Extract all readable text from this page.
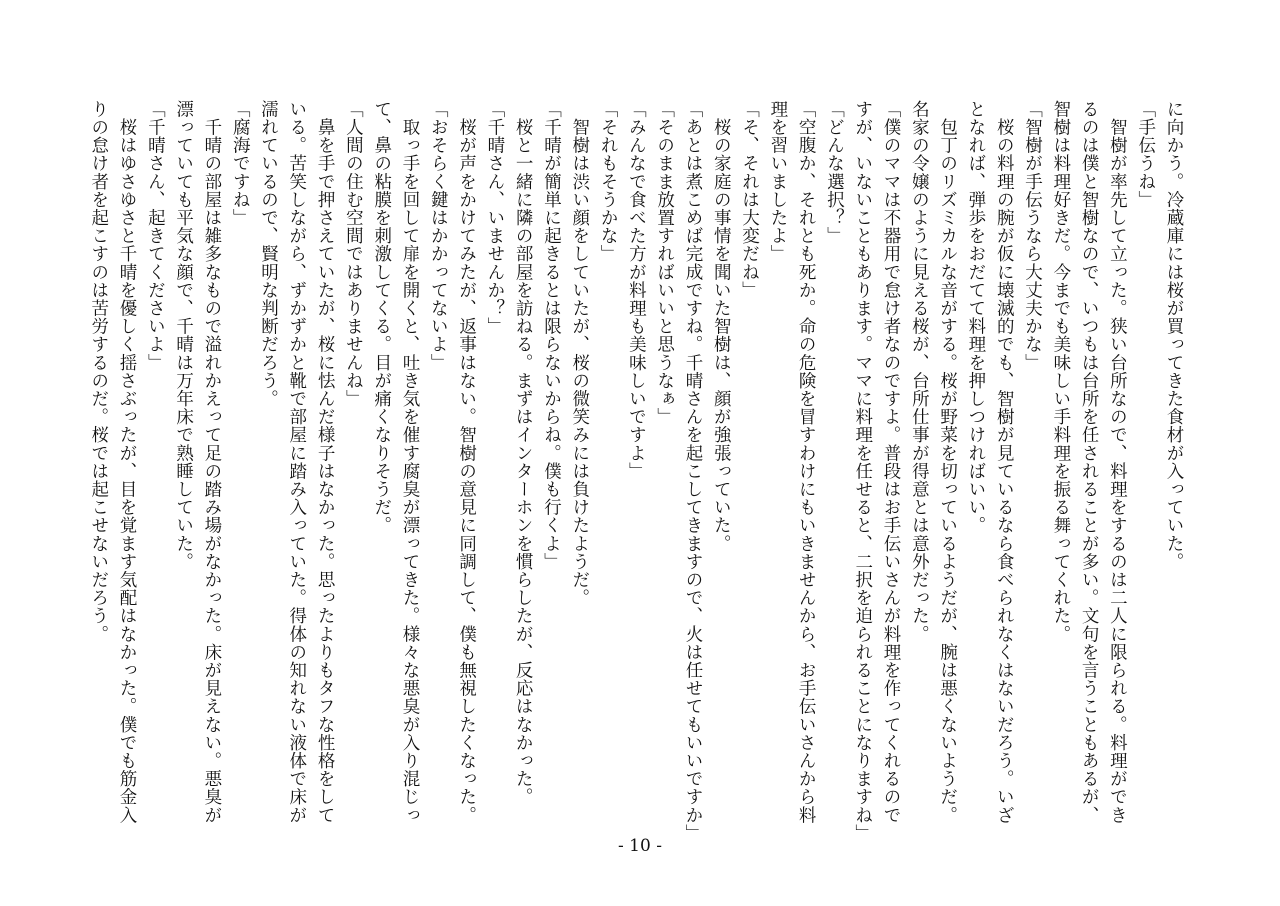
に向かう。冷蔵庫には桜が買ってきた食材が入っていた。

「手伝うね」

　智樹が率先して立った。狭い台所なので、料理をするのは二人に限られる。料理ができるのは僕と智樹なので、いつもは台所を任されることが多い。文句を言うこともあるが、智樹は料理好きだ。今までも美味しい手料理を振る舞ってくれた。

「智樹が手伝うなら大丈夫かな」

　桜の料理の腕が仮に壊滅的でも、智樹が見ているなら食べられなくはないだろう。いざとなれば、弾歩をおだてて料理を押しつければいい。

　包丁のリズミカルな音がする。桜が野菜を切っているようだが、腕は悪くないようだ。名家の令嬢のように見える桜が、台所仕事が得意とは意外だった。

「僕のママは不器用で怠け者なのですよ。普段はお手伝いさんが料理を作ってくれるのですが、いないこともあります。ママに料理を任せると、二択を迫られることになりますね」

「どんな選択？」

「空腹か、それとも死か。命の危険を冒すわけにもいきませんから、お手伝いさんから料理を習いましたよ」

「そ、それは大変だね」

　桜の家庭の事情を聞いた智樹は、顔が強張っていた。

「あとは煮こめば完成ですね。千晴さんを起こしてきますので、火は任せてもいいですか」

「そのまま放置すればいいと思うなぁ」

「みんなで食べた方が料理も美味しいですよ」

「それもそうかな」

　智樹は渋い顔をしていたが、桜の微笑みには負けたようだ。

「千晴が簡単に起きるとは限らないからね。僕も行くよ」

　桜と一緒に隣の部屋を訪ねる。まずはインターホンを慣らしたが、反応はなかった。

「千晴さん、いませんか？」

　桜が声をかけてみたが、返事はない。智樹の意見に同調して、僕も無視したくなった。

「おそらく鍵はかかってないよ」

　取っ手を回して扉を開くと、吐き気を催す腐臭が漂ってきた。様々な悪臭が入り混じって、鼻の粘膜を刺激してくる。目が痛くなりそうだ。

「人間の住む空間ではありませんね」

　鼻を手で押さえていたが、桜に怯んだ様子はなかった。思ったよりもタフな性格をしている。苦笑しながら、ずかずかと靴で部屋に踏み入っていた。得体の知れない液体で床が濡れているので、賢明な判断だろう。

「腐海ですね」

　千晴の部屋は雑多なもので溢れかえって足の踏み場がなかった。床が見えない。悪臭が漂っていても平気な顔で、千晴は万年床で熟睡していた。

「千晴さん、起きてくださいよ」

　桜はゆさゆさと千晴を優しく揺さぶったが、目を覚ます気配はなかった。僕でも筋金入りの怠け者を起こすのは苦労するのだ。桜では起こせないだろう。

- 10 -
